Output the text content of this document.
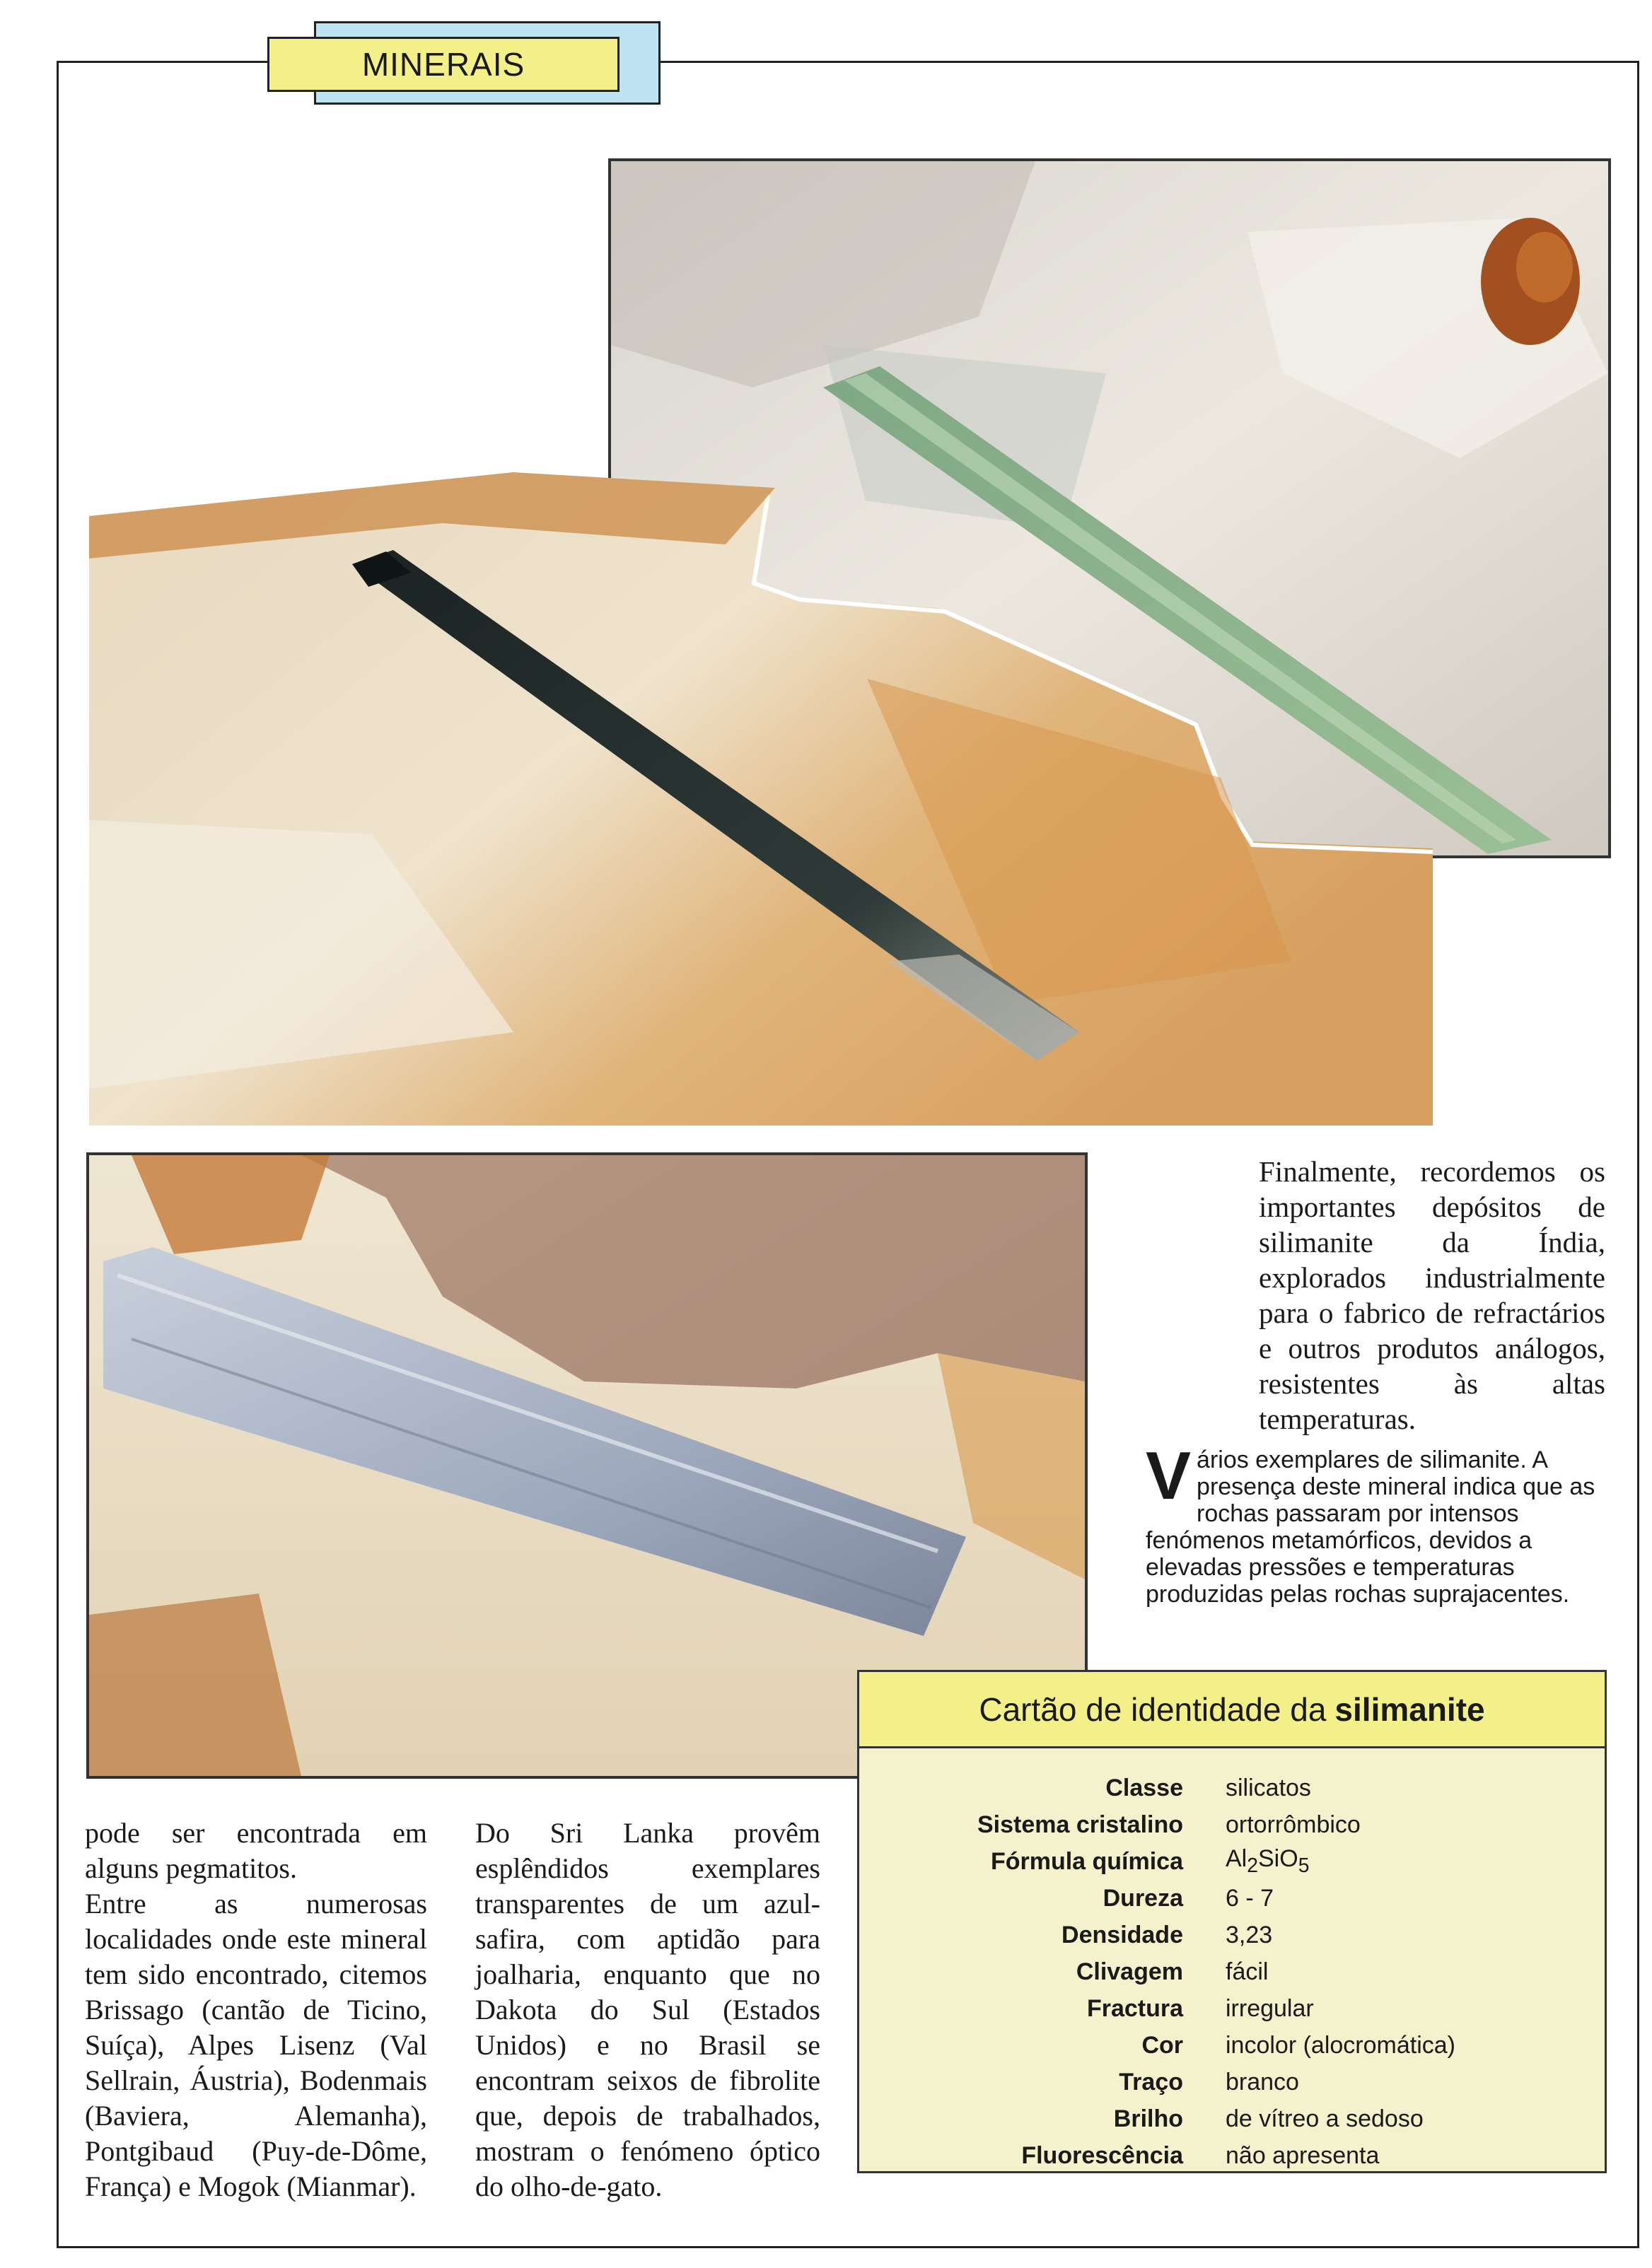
MINERAIS
Finalmente, recordemos os importantes depósitos de silimanite da Índia, explorados industrialmente para o fabrico de refractários e outros produtos análogos, resistentes às altas temperaturas.
Vários exemplares de silimanite. A presença deste mineral indica que as rochas passaram por intensos fenómenos metamórficos, devidos a elevadas pressões e temperaturas produzidas pelas rochas suprajacentes.
Cartão de identidade da silimanite
Classe silicatos
Sistema cristalino ortorrômbico
Fórmula química $Al_2SiO_5$
Dureza 6 - 7
Densidade 3,23
Clivagem fácil
Fractura irregular
Cor incolor (alocromática)
Traço branco
Brilho de vítreo a sedoso
Fluorescência não apresenta

pode ser encontrada em alguns pegmatitos.

Entre as numerosas localidades onde este mineral tem sido encontrado, citemos Brissago (cantão de Ticino, Suíça), Alpes Lisenz (Val Sellrain, Áustria), Bodenmais (Baviera, Alemanha), Pontgibaud (Puy-de-Dôme, França) e Mogok (Mianmar).

Do Sri Lanka provêm esplêndidos exemplares transparentes de um azul-safira, com aptidão para joalharia, enquanto que no Dakota do Sul (Estados Unidos) e no Brasil se encontram seixos de fibrolite que, depois de trabalhados, mostram o fenómeno óptico do olho-de-gato.
